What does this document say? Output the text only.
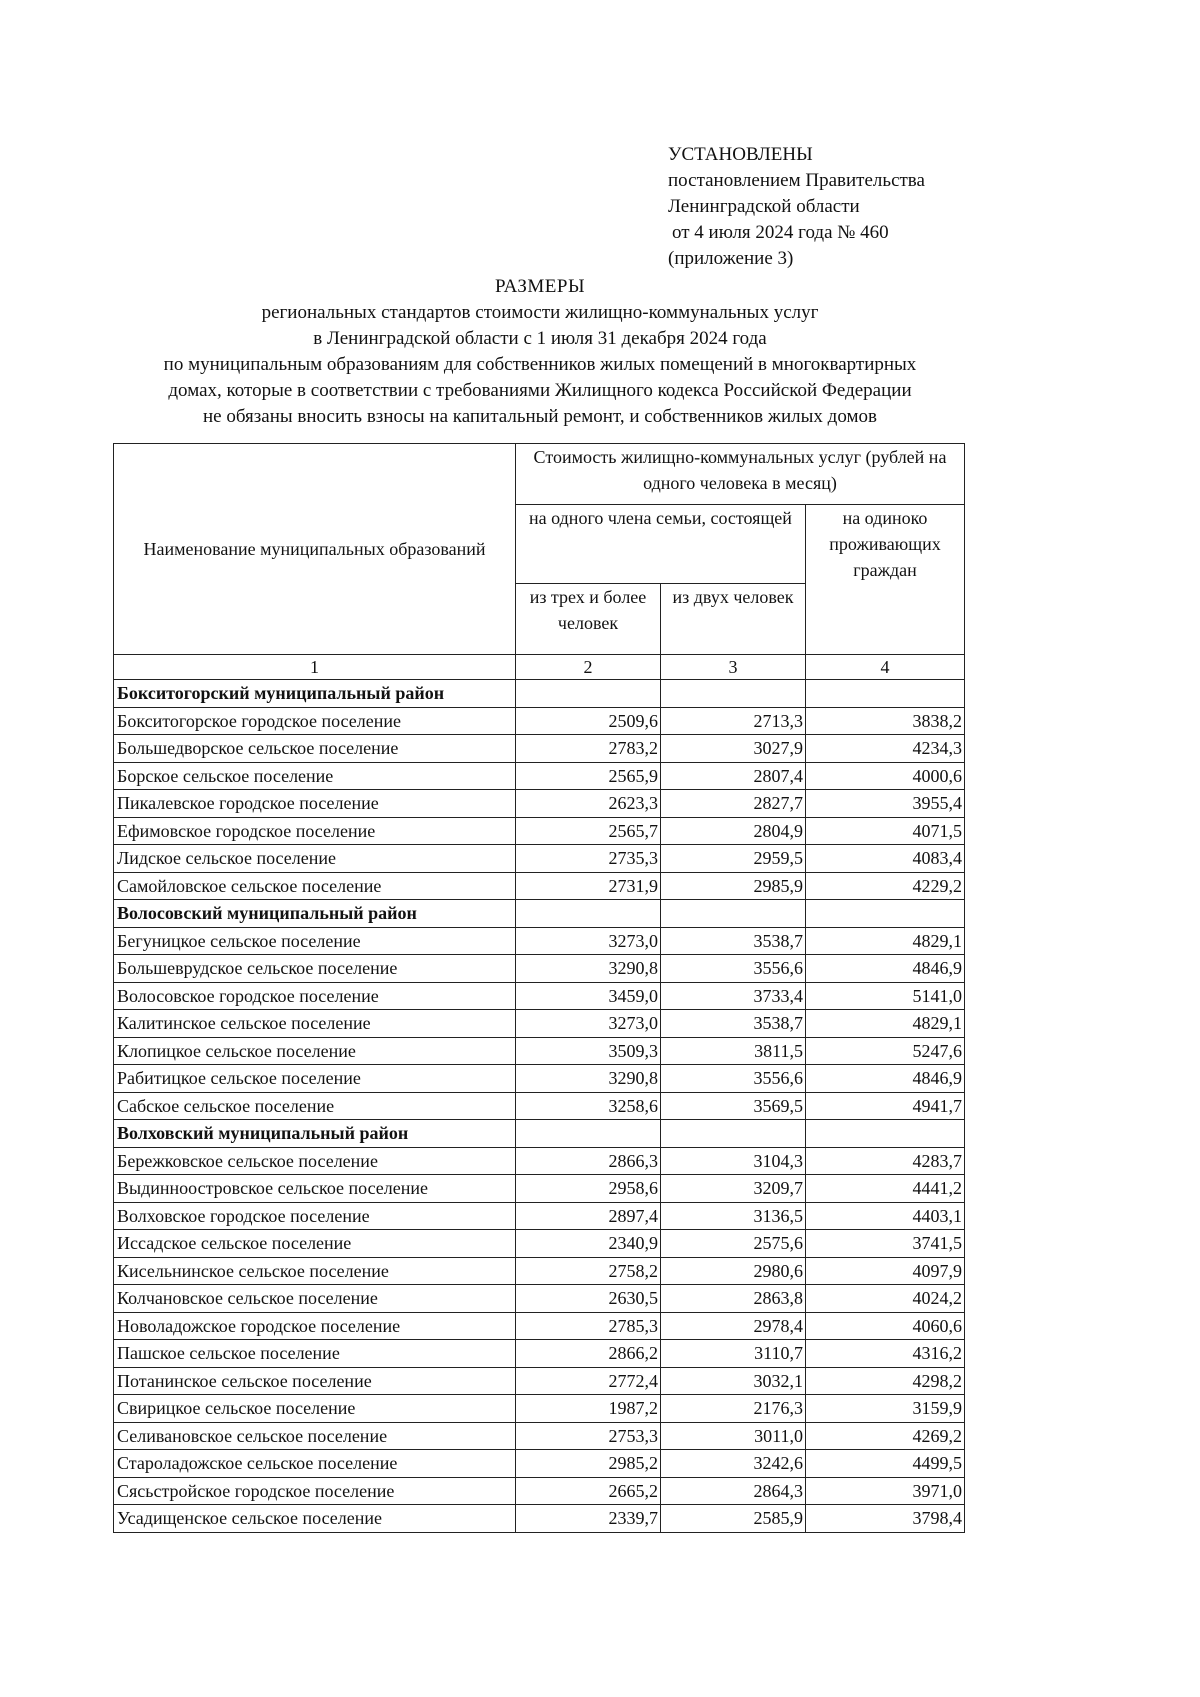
УСТАНОВЛЕНЫ
постановлением Правительства
Ленинградской области
от 4 июля 2024 года № 460
(приложение 3)
РАЗМЕРЫ
региональных стандартов стоимости жилищно-коммунальных услуг
в Ленинградской области с 1 июля 31 декабря 2024 года
по муниципальным образованиям для собственников жилых помещений в многоквартирных
домах, которые в соответствии с требованиями Жилищного кодекса Российской Федерации
не обязаны вносить взносы на капитальный ремонт, и собственников жилых домов
Наименование муниципальных образований	Стоимость жилищно-коммунальных услуг (рублей на одного человека в месяц)		
	на одного члена семьи, состоящей		на одиноко проживающих граждан
	из трех и более человек	из двух человек	
1	2	3	4
Бокситогорский муниципальный район			
Бокситогорское городское поселение	2509,6	2713,3	3838,2
Большедворское сельское поселение	2783,2	3027,9	4234,3
Борское сельское поселение	2565,9	2807,4	4000,6
Пикалевское городское поселение	2623,3	2827,7	3955,4
Ефимовское городское поселение	2565,7	2804,9	4071,5
Лидское сельское поселение	2735,3	2959,5	4083,4
Самойловское сельское поселение	2731,9	2985,9	4229,2
Волосовский муниципальный район			
Бегуницкое сельское поселение	3273,0	3538,7	4829,1
Большеврудское сельское поселение	3290,8	3556,6	4846,9
Волосовское городское поселение	3459,0	3733,4	5141,0
Калитинское сельское поселение	3273,0	3538,7	4829,1
Клопицкое сельское поселение	3509,3	3811,5	5247,6
Рабитицкое сельское поселение	3290,8	3556,6	4846,9
Сабское сельское поселение	3258,6	3569,5	4941,7
Волховский муниципальный район			
Бережковское сельское поселение	2866,3	3104,3	4283,7
Выдинноостровское сельское поселение	2958,6	3209,7	4441,2
Волховское городское поселение	2897,4	3136,5	4403,1
Иссадское сельское поселение	2340,9	2575,6	3741,5
Кисельнинское сельское поселение	2758,2	2980,6	4097,9
Колчановское сельское поселение	2630,5	2863,8	4024,2
Новоладожское городское поселение	2785,3	2978,4	4060,6
Пашское сельское поселение	2866,2	3110,7	4316,2
Потанинское сельское поселение	2772,4	3032,1	4298,2
Свирицкое сельское поселение	1987,2	2176,3	3159,9
Селивановское сельское поселение	2753,3	3011,0	4269,2
Староладожское сельское поселение	2985,2	3242,6	4499,5
Сясьстройское городское поселение	2665,2	2864,3	3971,0
Усадищенское сельское поселение	2339,7	2585,9	3798,4
